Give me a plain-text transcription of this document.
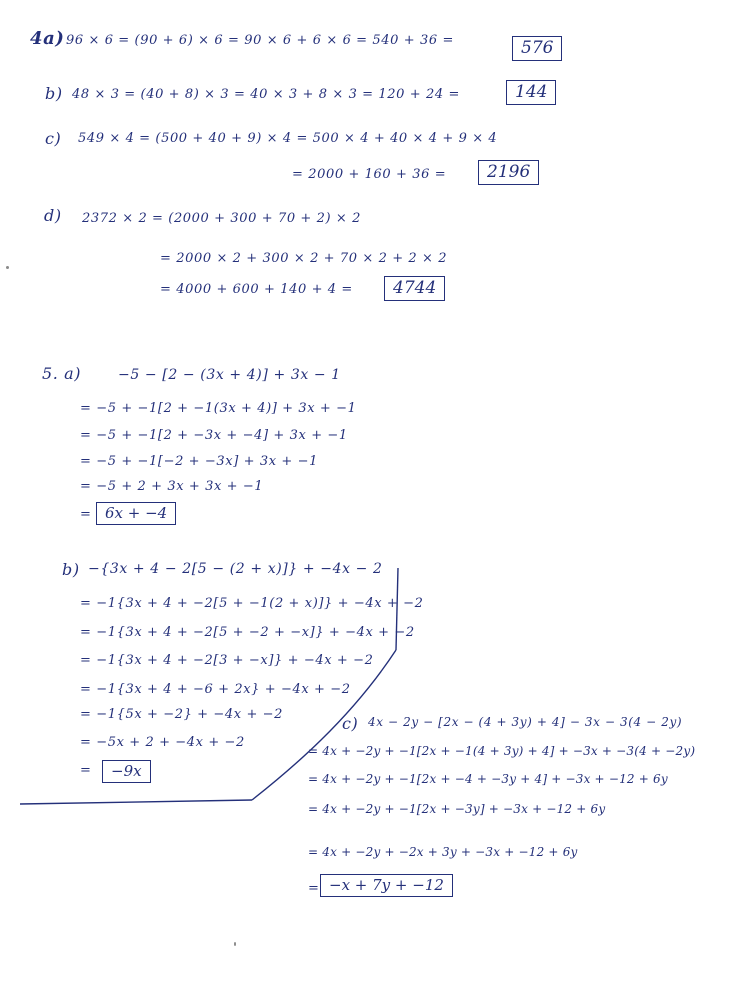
4a) 96 × 6 = (90 + 6) × 6 = 90 × 6 + 6 × 6 = 540 + 36 =	576
b) 48 × 3 = (40 + 8) × 3 = 40 × 3 + 8 × 3 = 120 + 24 =	144
c) 549 × 4 = (500 + 40 + 9) × 4 = 500 × 4 + 40 × 4 + 9 × 4
= 2000 + 160 + 36 =	2196
d) 2372 × 2 = (2000 + 300 + 70 + 2) × 2
= 2000 × 2 + 300 × 2 + 70 × 2 + 2 × 2
= 4000 + 600 + 140 + 4 =	4744
5. a)	−5 − [2 − (3x + 4)] + 3x − 1
= −5 + −1[2 + −1(3x + 4)] + 3x + −1
= −5 + −1[2 + −3x + −4] + 3x + −1
= −5 + −1[−2 + −3x] + 3x + −1
= −5 + 2 + 3x + 3x + −1
= 6x + −4
b) −{3x + 4 − 2[5 − (2 + x)]} + −4x − 2
= −1{3x + 4 + −2[5 + −1(2 + x)]} + −4x + −2
= −1{3x + 4 + −2[5 + −2 + −x]} + −4x + −2
= −1{3x + 4 + −2[3 + −x]} + −4x + −2
= −1{3x + 4 + −6 + 2x} + −4x + −2
= −1{5x + −2} + −4x + −2
= −5x + 2 + −4x + −2
=	−9x
c) 4x − 2y − [2x − (4 + 3y) + 4] − 3x − 3(4 − 2y)
= 4x + −2y + −1[2x + −1(4 + 3y) + 4] + −3x + −3(4 + −2y)
= 4x + −2y + −1[2x + −4 + −3y + 4] + −3x + −12 + 6y
= 4x + −2y + −1[2x + −3y] + −3x + −12 + 6y
= 4x + −2y + −2x + 3y + −3x + −12 + 6y
= −x + 7y + −12
